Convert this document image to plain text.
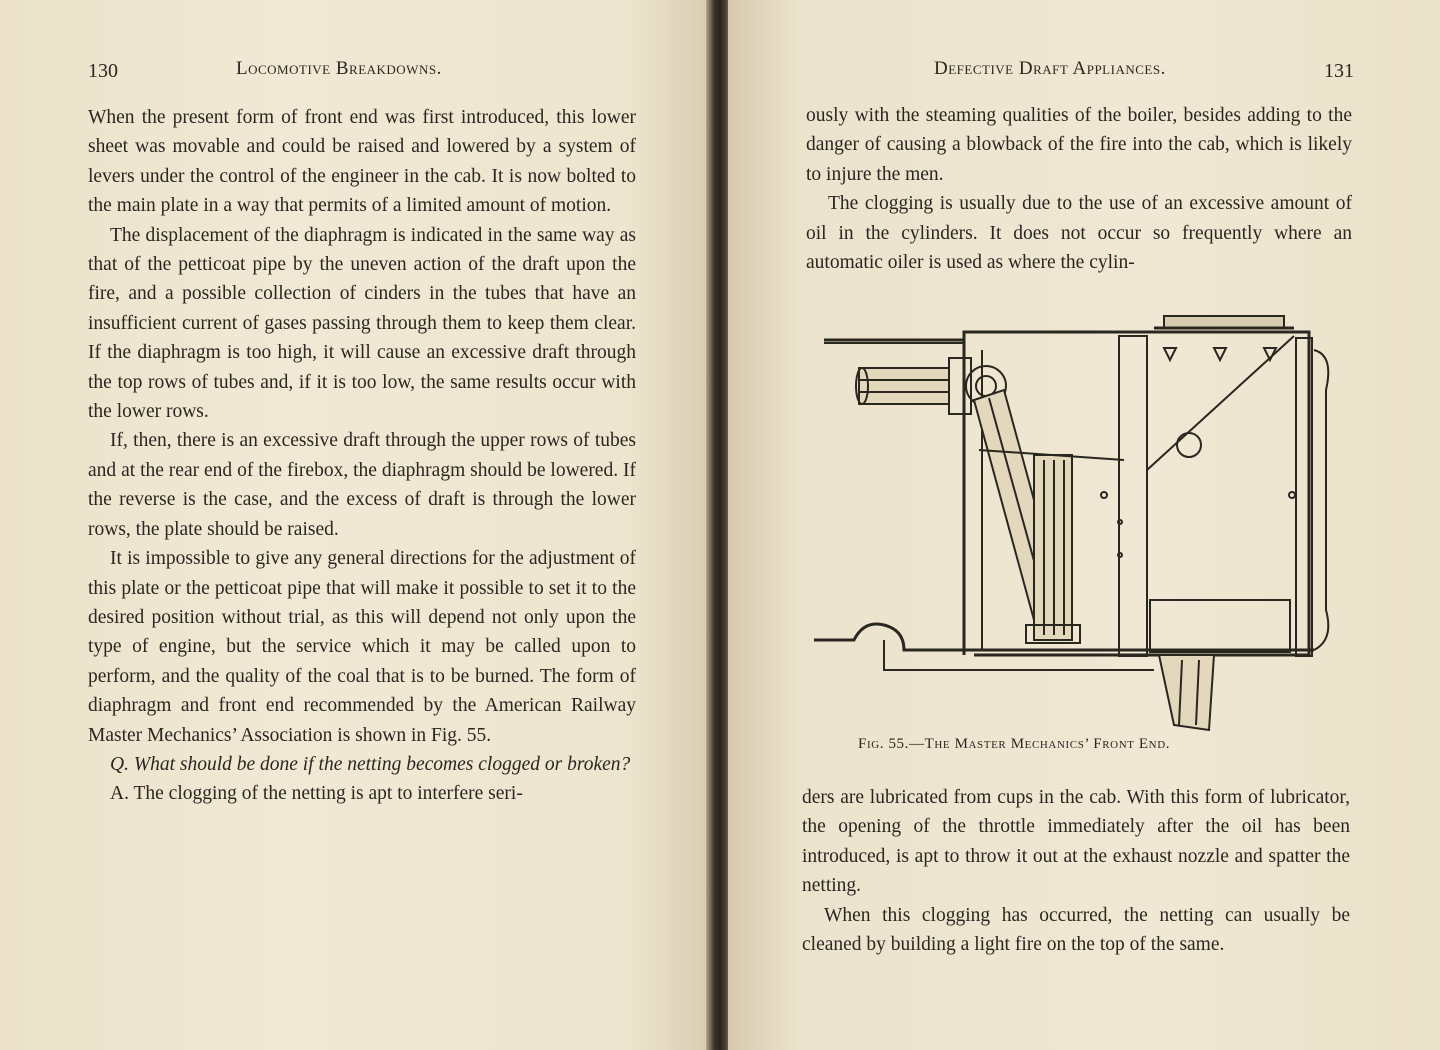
130	Locomotive Breakdowns.

When the present form of front end was first introduced, this lower sheet was movable and could be raised and lowered by a system of levers under the control of the engineer in the cab. It is now bolted to the main plate in a way that permits of a limited amount of motion.

The displacement of the diaphragm is indicated in the same way as that of the petticoat pipe by the uneven action of the draft upon the fire, and a possible collection of cinders in the tubes that have an insufficient current of gases passing through them to keep them clear. If the diaphragm is too high, it will cause an excessive draft through the top rows of tubes and, if it is too low, the same results occur with the lower rows.

If, then, there is an excessive draft through the upper rows of tubes and at the rear end of the firebox, the diaphragm should be lowered. If the reverse is the case, and the excess of draft is through the lower rows, the plate should be raised.

It is impossible to give any general directions for the adjustment of this plate or the petticoat pipe that will make it possible to set it to the desired position without trial, as this will depend not only upon the type of engine, but the service which it may be called upon to perform, and the quality of the coal that is to be burned. The form of diaphragm and front end recommended by the American Railway Master Mechanics’ Association is shown in Fig. 55.

Q. What should be done if the netting becomes clogged or broken?

A. The clogging of the netting is apt to interfere seri-

Defective Draft Appliances.	131

ously with the steaming qualities of the boiler, besides adding to the danger of causing a blowback of the fire into the cab, which is likely to injure the men.

The clogging is usually due to the use of an excessive amount of oil in the cylinders. It does not occur so frequently where an automatic oiler is used as where the cylin-

Fig. 55.—The Master Mechanics’ Front End.

ders are lubricated from cups in the cab. With this form of lubricator, the opening of the throttle immediately after the oil has been introduced, is apt to throw it out at the exhaust nozzle and spatter the netting.

When this clogging has occurred, the netting can usually be cleaned by building a light fire on the top of the same.
